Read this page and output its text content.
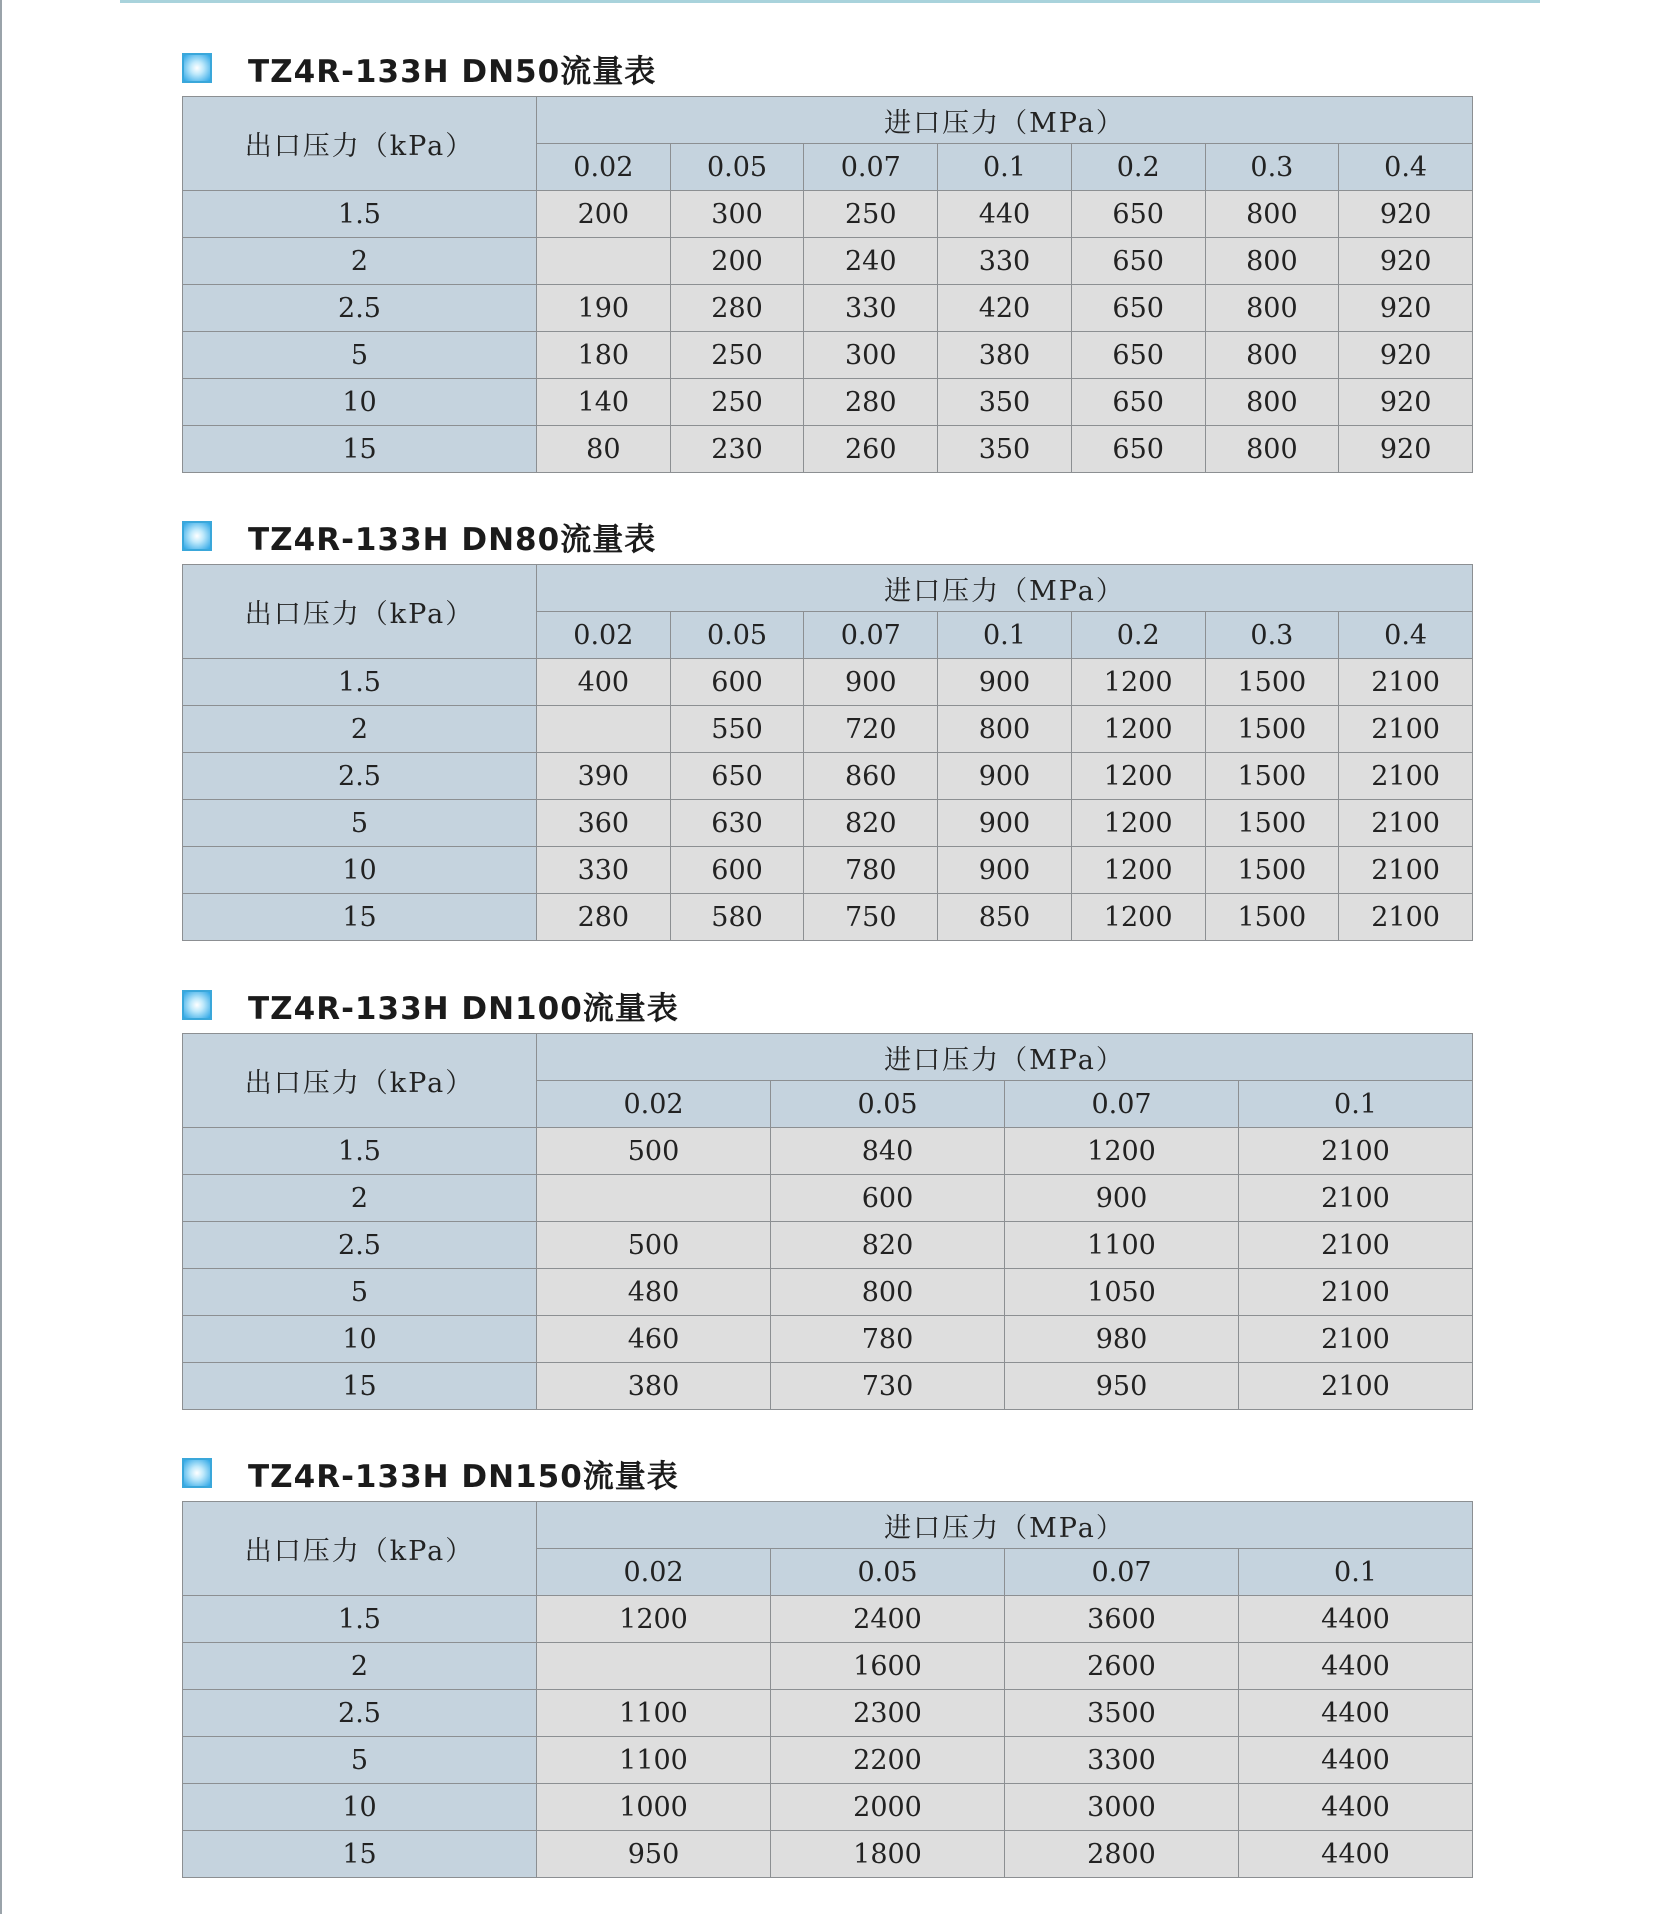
TZ4R-133H DN50流量表
出口压力（kPa）	进口压力（MPa）						
	0.02	0.05	0.07	0.1	0.2	0.3	0.4
1.5	200	300	250	440	650	800	920
2		200	240	330	650	800	920
2.5	190	280	330	420	650	800	920
5	180	250	300	380	650	800	920
10	140	250	280	350	650	800	920
15	80	230	260	350	650	800	920
TZ4R-133H DN80流量表
出口压力（kPa）	进口压力（MPa）						
	0.02	0.05	0.07	0.1	0.2	0.3	0.4
1.5	400	600	900	900	1200	1500	2100
2		550	720	800	1200	1500	2100
2.5	390	650	860	900	1200	1500	2100
5	360	630	820	900	1200	1500	2100
10	330	600	780	900	1200	1500	2100
15	280	580	750	850	1200	1500	2100
TZ4R-133H DN100流量表
出口压力（kPa）	进口压力（MPa）			
	0.02	0.05	0.07	0.1
1.5	500	840	1200	2100
2		600	900	2100
2.5	500	820	1100	2100
5	480	800	1050	2100
10	460	780	980	2100
15	380	730	950	2100
TZ4R-133H DN150流量表
出口压力（kPa）	进口压力（MPa）			
	0.02	0.05	0.07	0.1
1.5	1200	2400	3600	4400
2		1600	2600	4400
2.5	1100	2300	3500	4400
5	1100	2200	3300	4400
10	1000	2000	3000	4400
15	950	1800	2800	4400
